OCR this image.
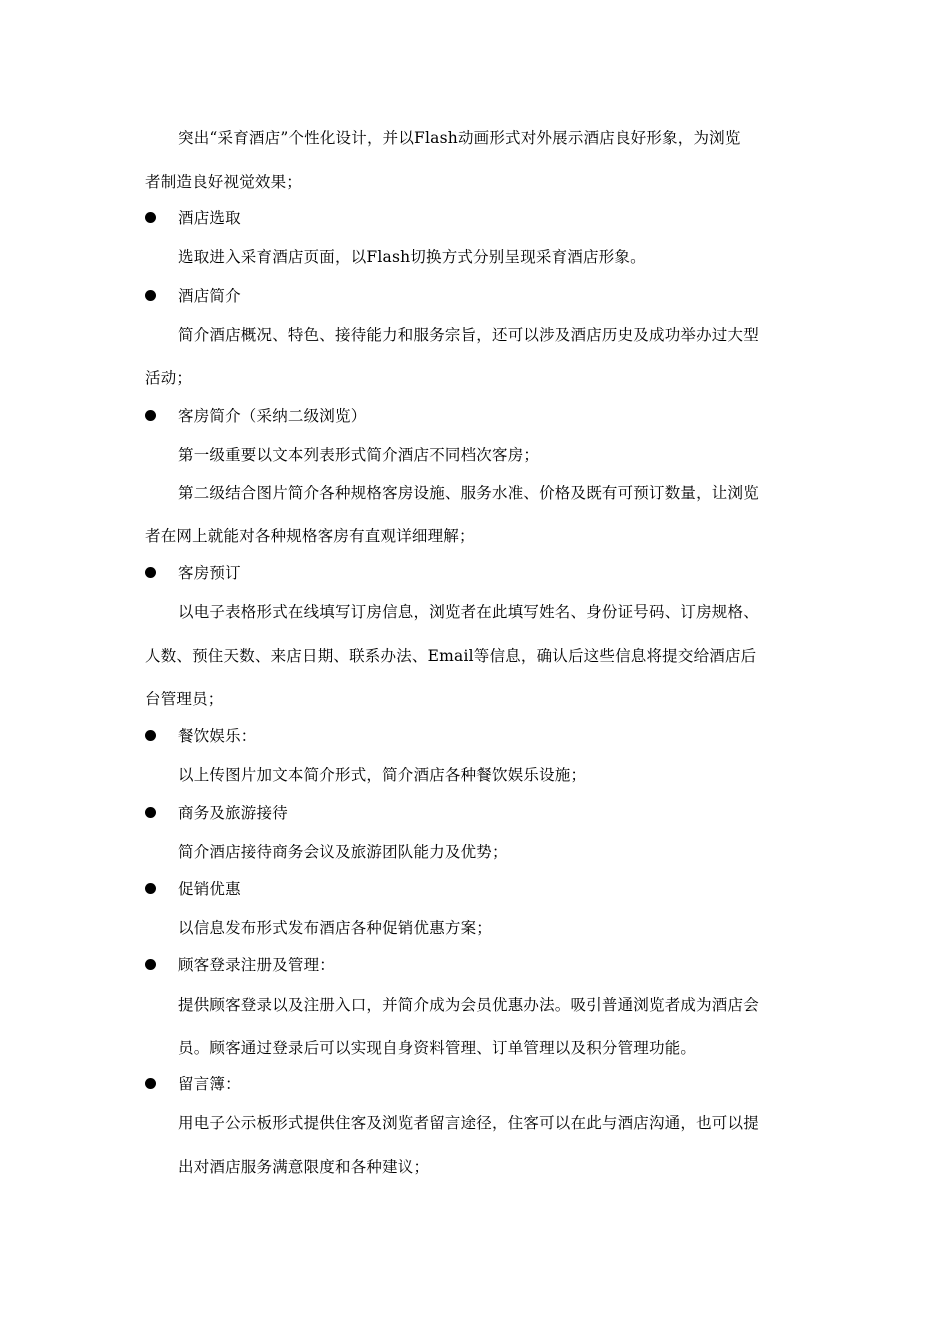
突出“采育酒店”个性化设计，并以Flash动画形式对外展示酒店良好形象，为浏览
者制造良好视觉效果；
酒店选取
选取进入采育酒店页面，以Flash切换方式分别呈现采育酒店形象。
酒店简介
简介酒店概况、特色、接待能力和服务宗旨，还可以涉及酒店历史及成功举办过大型
活动；
客房简介（采纳二级浏览）
第一级重要以文本列表形式简介酒店不同档次客房；
第二级结合图片简介各种规格客房设施、服务水准、价格及既有可预订数量，让浏览
者在网上就能对各种规格客房有直观详细理解；
客房预订
以电子表格形式在线填写订房信息，浏览者在此填写姓名、身份证号码、订房规格、
人数、预住天数、来店日期、联系办法、Email等信息，确认后这些信息将提交给酒店后
台管理员；
餐饮娱乐：
以上传图片加文本简介形式，简介酒店各种餐饮娱乐设施；
商务及旅游接待
简介酒店接待商务会议及旅游团队能力及优势；
促销优惠
以信息发布形式发布酒店各种促销优惠方案；
顾客登录注册及管理：
提供顾客登录以及注册入口，并简介成为会员优惠办法。吸引普通浏览者成为酒店会
员。顾客通过登录后可以实现自身资料管理、订单管理以及积分管理功能。
留言簿：
用电子公示板形式提供住客及浏览者留言途径，住客可以在此与酒店沟通，也可以提
出对酒店服务满意限度和各种建议；
